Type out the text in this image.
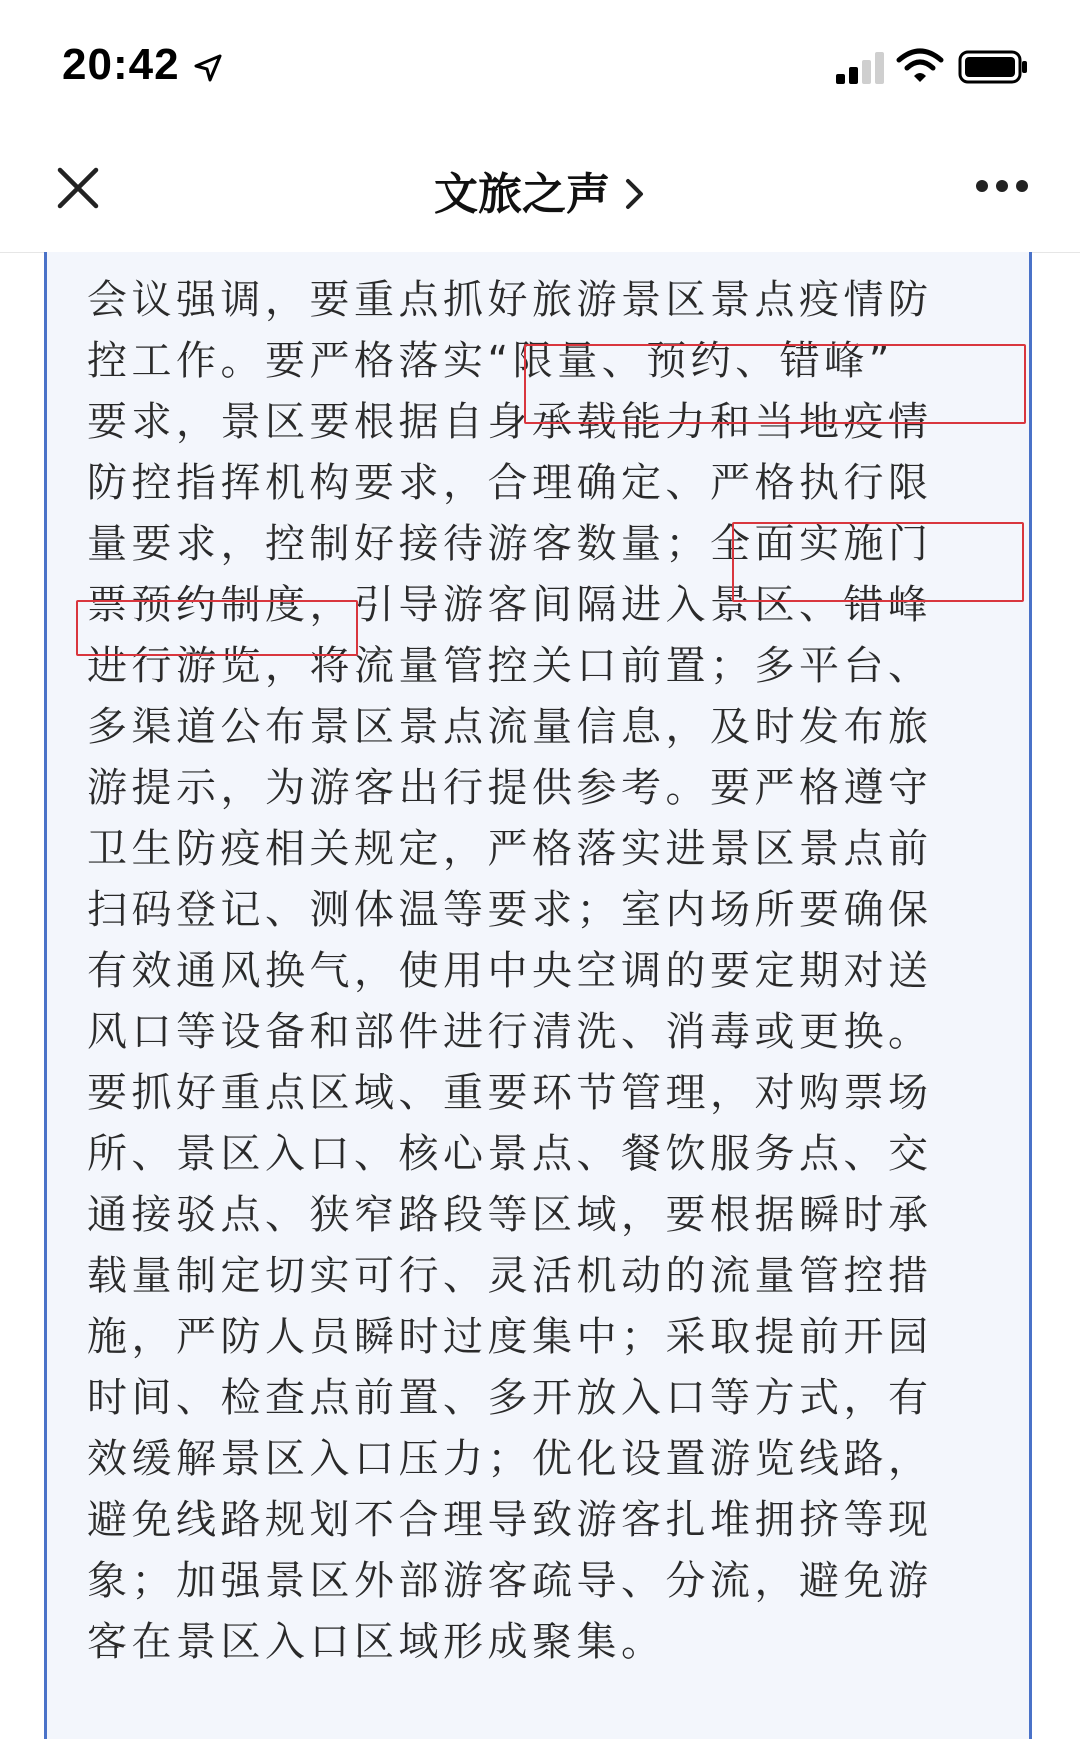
20:42
文旅之声
会议强调，要重点抓好旅游景区景点疫情防
控工作。要严格落实“限量、预约、错峰”
要求，景区要根据自身承载能力和当地疫情
防控指挥机构要求，合理确定、严格执行限
量要求，控制好接待游客数量；全面实施门
票预约制度，引导游客间隔进入景区、错峰
进行游览，将流量管控关口前置；多平台、
多渠道公布景区景点流量信息，及时发布旅
游提示，为游客出行提供参考。要严格遵守
卫生防疫相关规定，严格落实进景区景点前
扫码登记、测体温等要求；室内场所要确保
有效通风换气，使用中央空调的要定期对送
风口等设备和部件进行清洗、消毒或更换。
要抓好重点区域、重要环节管理，对购票场
所、景区入口、核心景点、餐饮服务点、交
通接驳点、狭窄路段等区域，要根据瞬时承
载量制定切实可行、灵活机动的流量管控措
施，严防人员瞬时过度集中；采取提前开园
时间、检查点前置、多开放入口等方式，有
效缓解景区入口压力；优化设置游览线路，
避免线路规划不合理导致游客扎堆拥挤等现
象；加强景区外部游客疏导、分流，避免游
客在景区入口区域形成聚集。
